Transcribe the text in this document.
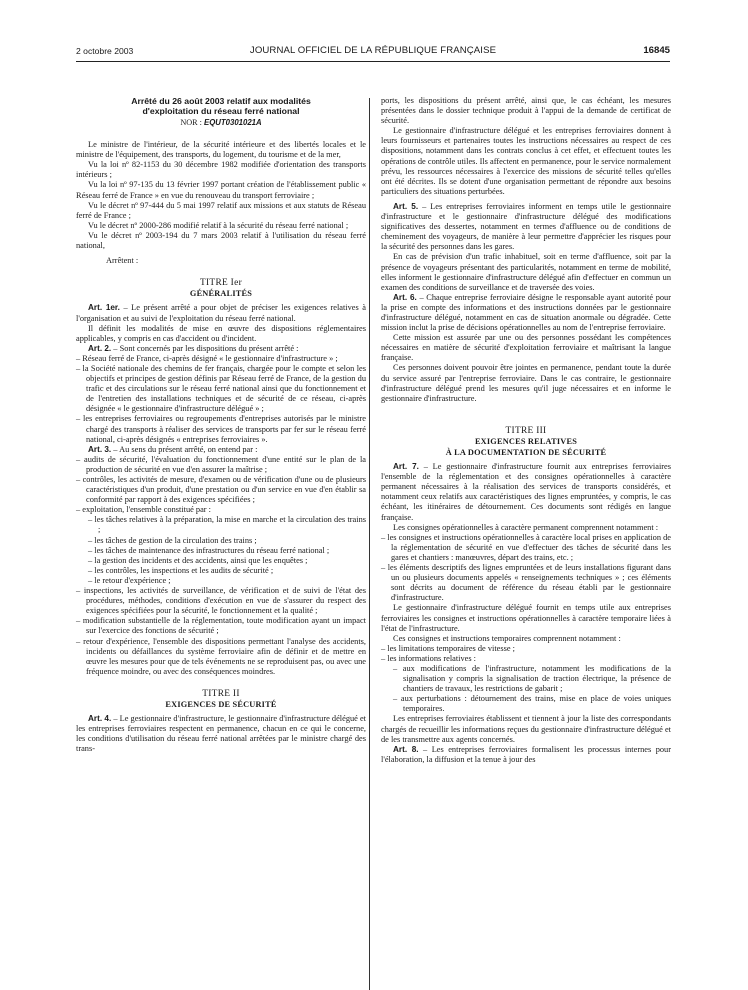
2 octobre 2003	JOURNAL OFFICIEL DE LA RÉPUBLIQUE FRANÇAISE	16845

Arrêté du 26 août 2003 relatif aux modalités d'exploitation du réseau ferré national

NOR : EQUT0301021A

Le ministre de l'intérieur, de la sécurité intérieure et des libertés locales et le ministre de l'équipement, des transports, du logement, du tourisme et de la mer,

Vu la loi nº 82-1153 du 30 décembre 1982 modifiée d'orientation des transports intérieurs ;

Vu la loi nº 97-135 du 13 février 1997 portant création de l'établissement public « Réseau ferré de France » en vue du renouveau du transport ferroviaire ;

Vu le décret nº 97-444 du 5 mai 1997 relatif aux missions et aux statuts de Réseau ferré de France ;

Vu le décret nº 2000-286 modifié relatif à la sécurité du réseau ferré national ;

Vu le décret nº 2003-194 du 7 mars 2003 relatif à l'utilisation du réseau ferré national,

Arrêtent :

TITRE Ier

GÉNÉRALITÉS

Art. 1er. – Le présent arrêté a pour objet de préciser les exigences relatives à l'organisation et au suivi de l'exploitation du réseau ferré national.

Il définit les modalités de mise en œuvre des dispositions réglementaires applicables, y compris en cas d'accident ou d'incident.

Art. 2. – Sont concernés par les dispositions du présent arrêté :

– Réseau ferré de France, ci-après désigné « le gestionnaire d'infrastructure » ;

– la Société nationale des chemins de fer français, chargée pour le compte et selon les objectifs et principes de gestion définis par Réseau ferré de France, de la gestion du trafic et des circulations sur le réseau ferré national ainsi que du fonctionnement et de l'entretien des installations techniques et de sécurité de ce réseau, ci-après désignée « le gestionnaire d'infrastructure délégué » ;

– les entreprises ferroviaires ou regroupements d'entreprises autorisés par le ministre chargé des transports à réaliser des services de transports par fer sur le réseau ferré national, ci-après désignés « entreprises ferroviaires ».

Art. 3. – Au sens du présent arrêté, on entend par :

– audits de sécurité, l'évaluation du fonctionnement d'une entité sur le plan de la production de sécurité en vue d'en assurer la maîtrise ;

– contrôles, les activités de mesure, d'examen ou de vérification d'une ou de plusieurs caractéristiques d'un produit, d'une prestation ou d'un service en vue d'en établir sa conformité par rapport à des exigences spécifiées ;

– exploitation, l'ensemble constitué par :

– les tâches relatives à la préparation, la mise en marche et la circulation des trains ;

– les tâches de gestion de la circulation des trains ;

– les tâches de maintenance des infrastructures du réseau ferré national ;

– la gestion des incidents et des accidents, ainsi que les enquêtes ;

– les contrôles, les inspections et les audits de sécurité ;

– le retour d'expérience ;

– inspections, les activités de surveillance, de vérification et de suivi de l'état des procédures, méthodes, conditions d'exécution en vue de s'assurer du respect des exigences spécifiées pour la sécurité, le fonctionnement et la qualité ;

– modification substantielle de la réglementation, toute modification ayant un impact sur l'exercice des fonctions de sécurité ;

– retour d'expérience, l'ensemble des dispositions permettant l'analyse des accidents, incidents ou défaillances du système ferroviaire afin de définir et de mettre en œuvre les mesures pour que de tels événements ne se reproduisent pas, ou avec une fréquence moindre, ou avec des conséquences moindres.

TITRE II

EXIGENCES DE SÉCURITÉ

Art. 4. – Le gestionnaire d'infrastructure, le gestionnaire d'infrastructure délégué et les entreprises ferroviaires respectent en permanence, chacun en ce qui le concerne, les conditions d'utilisation du réseau ferré national arrêtées par le ministre chargé des trans-

ports, les dispositions du présent arrêté, ainsi que, le cas échéant, les mesures présentées dans le dossier technique produit à l'appui de la demande de certificat de sécurité.

Le gestionnaire d'infrastructure délégué et les entreprises ferroviaires donnent à leurs fournisseurs et partenaires toutes les instructions nécessaires au respect de ces dispositions, notamment dans les contrats conclus à cet effet, et effectuent toutes les opérations de contrôle utiles. Ils affectent en permanence, pour le service normalement prévu, les ressources nécessaires à l'exercice des missions de sécurité telles qu'elles ont été décrites. Ils se dotent d'une organisation permettant de répondre aux besoins particuliers des situations perturbées.

Art. 5. – Les entreprises ferroviaires informent en temps utile le gestionnaire d'infrastructure et le gestionnaire d'infrastructure délégué des modifications significatives des dessertes, notamment en termes d'affluence ou de conditions de cheminement des voyageurs, de manière à leur permettre d'apprécier les risques pour la sécurité des personnes dans les gares.

En cas de prévision d'un trafic inhabituel, soit en terme d'affluence, soit par la présence de voyageurs présentant des particularités, notamment en terme de mobilité, elles informent le gestionnaire d'infrastructure délégué afin d'effectuer en commun un examen des conditions de surveillance et de traversée des voies.

Art. 6. – Chaque entreprise ferroviaire désigne le responsable ayant autorité pour la prise en compte des informations et des instructions données par le gestionnaire d'infrastructure délégué, notamment en cas de situation anormale ou dégradée. Cette mission inclut la prise de décisions opérationnelles au nom de l'entreprise ferroviaire.

Cette mission est assurée par une ou des personnes possédant les compétences nécessaires en matière de sécurité d'exploitation ferroviaire et maîtrisant la langue française.

Ces personnes doivent pouvoir être jointes en permanence, pendant toute la durée du service assuré par l'entreprise ferroviaire. Dans le cas contraire, le gestionnaire d'infrastructure délégué prend les mesures qu'il juge nécessaires et en informe le gestionnaire d'infrastructure.

TITRE III

EXIGENCES RELATIVES

À LA DOCUMENTATION DE SÉCURITÉ

Art. 7. – Le gestionnaire d'infrastructure fournit aux entreprises ferroviaires l'ensemble de la réglementation et des consignes opérationnelles à caractère permanent nécessaires à la réalisation des services de transports considérés, et notamment ceux relatifs aux caractéristiques des lignes empruntées, y compris, le cas échéant, les itinéraires de détournement. Ces documents sont rédigés en langue française.

Les consignes opérationnelles à caractère permanent comprennent notamment :

– les consignes et instructions opérationnelles à caractère local prises en application de la réglementation de sécurité en vue d'effectuer des tâches de sécurité dans les gares et chantiers : manœuvres, départ des trains, etc. ;

– les éléments descriptifs des lignes empruntées et de leurs installations figurant dans un ou plusieurs documents appelés « renseignements techniques » ; ces éléments sont décrits au document de référence du réseau établi par le gestionnaire d'infrastructure.

Le gestionnaire d'infrastructure délégué fournit en temps utile aux entreprises ferroviaires les consignes et instructions opérationnelles à caractère temporaire liées à l'état de l'infrastructure.

Ces consignes et instructions temporaires comprennent notamment :

– les limitations temporaires de vitesse ;

– les informations relatives :

– aux modifications de l'infrastructure, notamment les modifications de la signalisation y compris la signalisation de traction électrique, la présence de chantiers de travaux, les restrictions de gabarit ;

– aux perturbations : détournement des trains, mise en place de voies uniques temporaires.

Les entreprises ferroviaires établissent et tiennent à jour la liste des correspondants chargés de recueillir les informations reçues du gestionnaire d'infrastructure délégué et de les transmettre aux agents concernés.

Art. 8. – Les entreprises ferroviaires formalisent les processus internes pour l'élaboration, la diffusion et la tenue à jour des
